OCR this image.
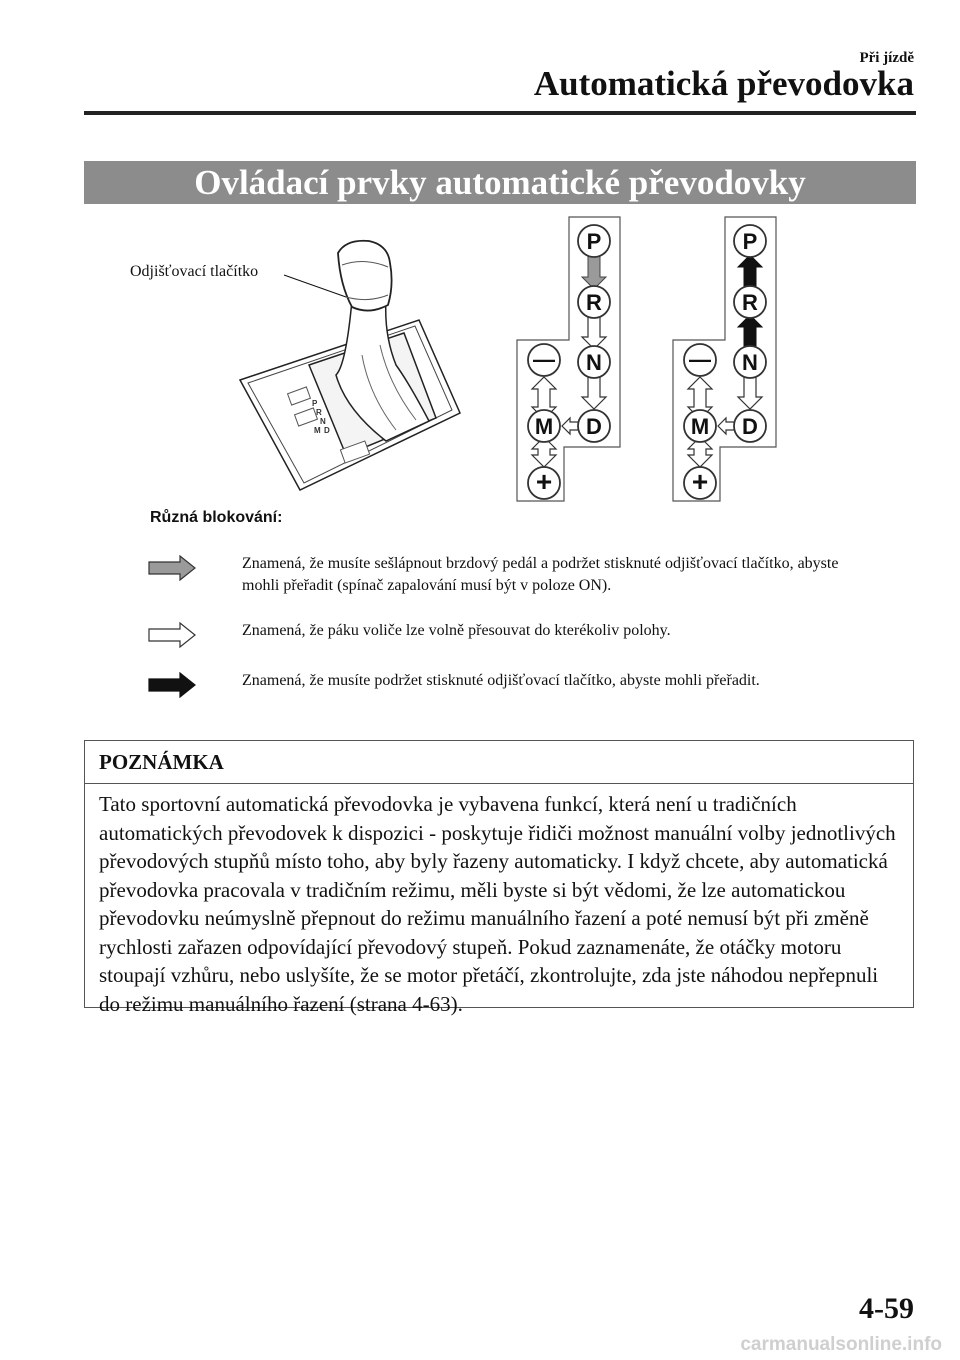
Při jízdě
Automatická převodovka
Ovládací prvky automatické převodovky
P
R
N
D
M
P
R
N
D
M
—
+
P
R
N
D
M
—
+
Odjišťovací tlačítko
Různá blokování:
Znamená, že musíte sešlápnout brzdový pedál a podržet stisknuté odjišťovací tlačítko, abyste mohli přeřadit (spínač zapalování musí být v poloze ON).
Znamená, že páku voliče lze volně přesouvat do kterékoliv polohy.
Znamená, že musíte podržet stisknuté odjišťovací tlačítko, abyste mohli přeřadit.
POZNÁMKA
Tato sportovní automatická převodovka je vybavena funkcí, která není u tradičních automatických převodovek k dispozici - poskytuje řidiči možnost manuální volby jednotlivých převodových stupňů místo toho, aby byly řazeny automaticky. I když chcete, aby automatická převodovka pracovala v tradičním režimu, měli byste si být vědomi, že lze automatickou převodovku neúmyslně přepnout do režimu manuálního řazení a poté nemusí být při změně rychlosti zařazen odpovídající převodový stupeň. Pokud zaznamenáte, že otáčky motoru stoupají vzhůru, nebo uslyšíte, že se motor přetáčí, zkontrolujte, zda jste náhodou nepřepnuli do režimu manuálního řazení (strana 4-63).
4-59
carmanualsonline.info
